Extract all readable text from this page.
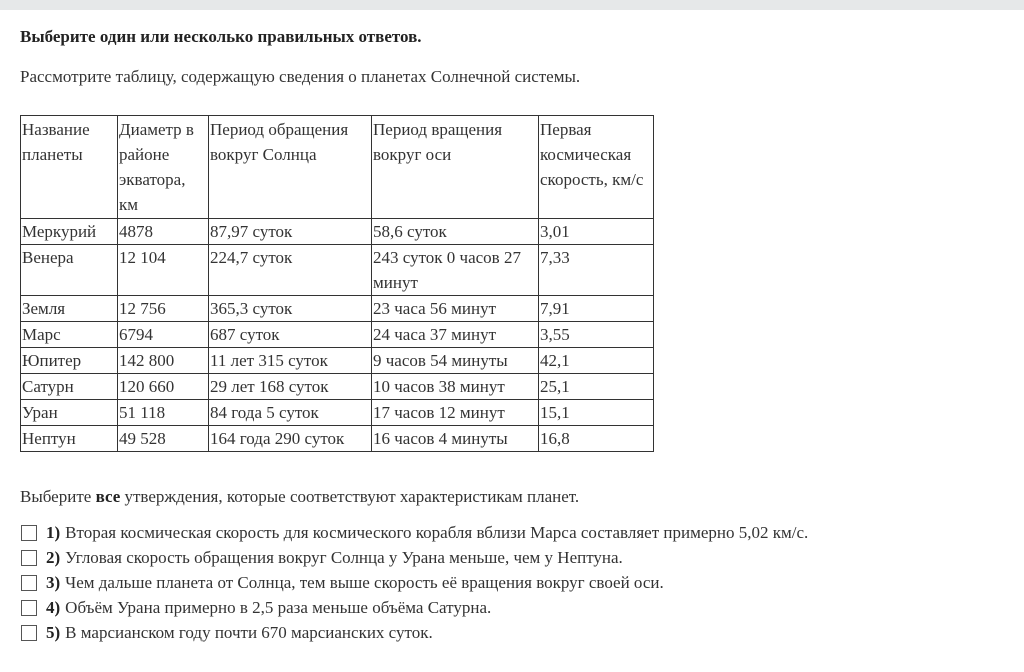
Выберите один или несколько правильных ответов.
Рассмотрите таблицу, содержащую сведения о планетах Солнечной системы.
Название планеты	Диаметр в районе экватора, км	Период обращения вокруг Солнца	Период вращения вокруг оси	Первая космическая скорость, км/с
Меркурий	4878	87,97 суток	58,6 суток	3,01
Венера	12 104	224,7 суток	243 суток 0 часов 27 минут	7,33
Земля	12 756	365,3 суток	23 часа 56 минут	7,91
Марс	6794	687 суток	24 часа 37 минут	3,55
Юпитер	142 800	11 лет 315 суток	9 часов 54 минуты	42,1
Сатурн	120 660	29 лет 168 суток	10 часов 38 минут	25,1
Уран	51 118	84 года 5 суток	17 часов 12 минут	15,1
Нептун	49 528	164 года 290 суток	16 часов 4 минуты	16,8
Выберите все утверждения, которые соответствуют характеристикам планет.
1) Вторая космическая скорость для космического корабля вблизи Марса составляет примерно 5,02 км/с.
2) Угловая скорость обращения вокруг Солнца у Урана меньше, чем у Нептуна.
3) Чем дальше планета от Солнца, тем выше скорость её вращения вокруг своей оси.
4) Объём Урана примерно в 2,5 раза меньше объёма Сатурна.
5) В марсианском году почти 670 марсианских суток.
